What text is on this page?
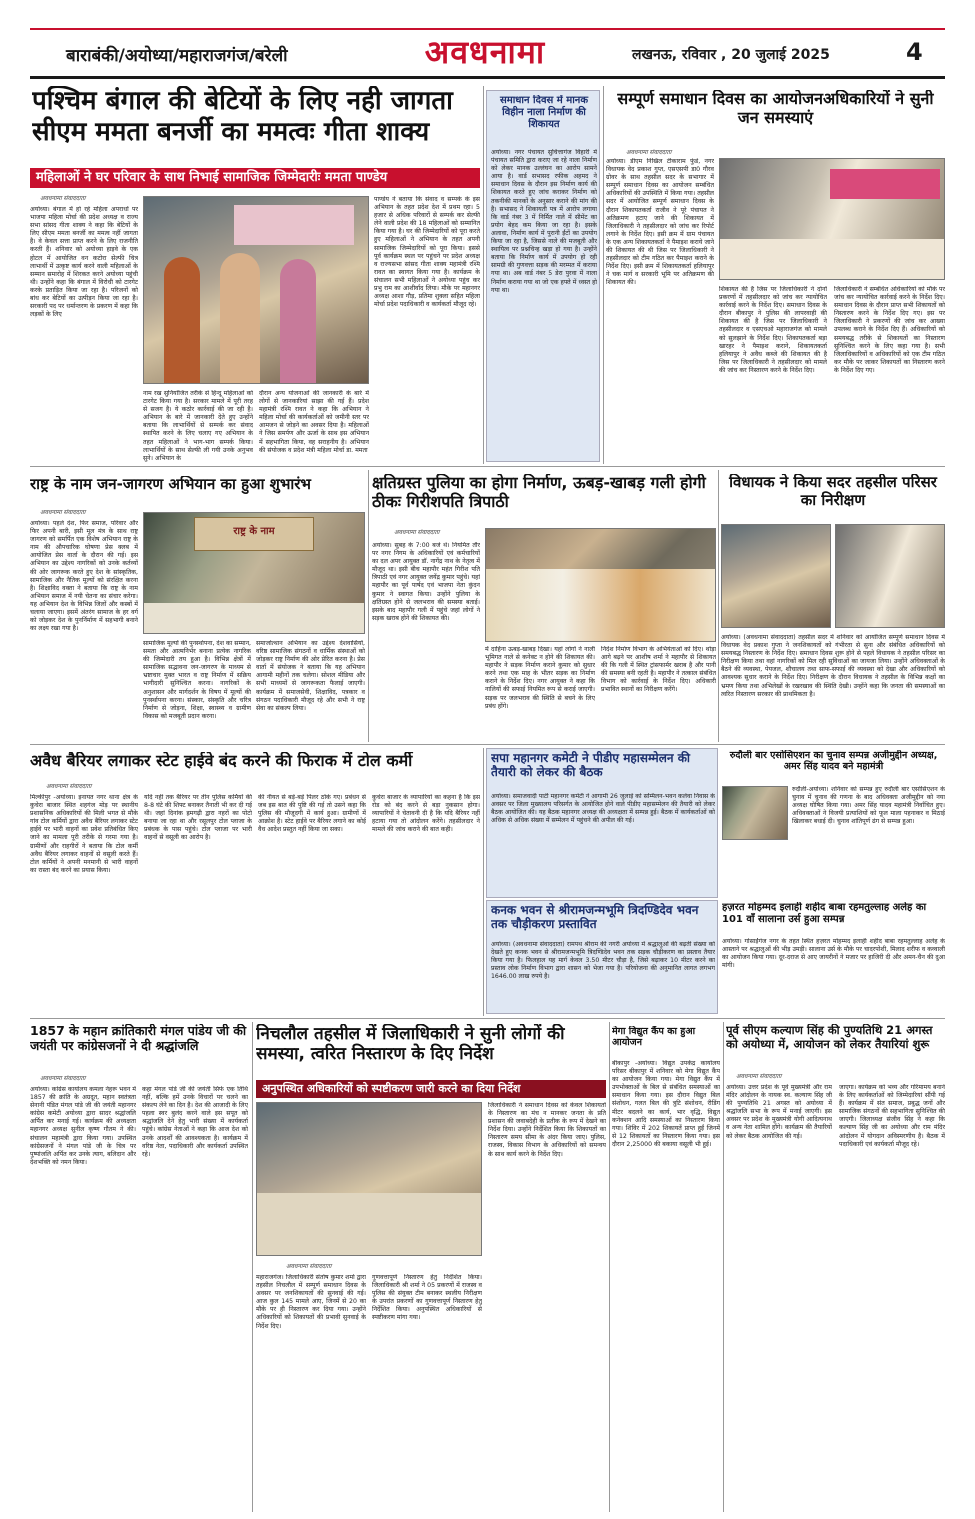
बाराबंकी/अयोध्या/महाराजगंज/बरेली	अवधनामा	लखनऊ, रविवार , 20 जुलाई 2025	4
पश्चिम बंगाल की बेटियों के लिए नही जागता सीएम ममता बनर्जी का ममत्वः गीता शाक्य
महिलाओं ने घर परिवार के साथ निभाई सामाजिक जिम्मेदारीः ममता पाण्डेय
अवधनामा संवाददाता
अयोध्या। बंगाल में हो रहे महिला अपराधों पर भाजपा महिला मोर्चा की प्रदेश अध्यक्ष व राज्य सभा सांसद गीता शाक्य ने कहा कि बेटियों के लिए सीएम ममता बनर्जी का ममत्व नहीं जागता है। वे केवल सत्ता प्राप्त करने के लिए राजनीति करती हैं। शनिवार को अयोध्या हाइवे के एक होटल में आयोजित वन कटोरा सेल्फी चित्र लाभार्थी में उत्कृष्ट कार्य करने वाली महिलाओं के सम्मान समारोह में शिरकत करने अयोध्या पहुंची थी। उन्होंने कहा कि बंगाल में विरोधी को टारगेट करके प्रताड़ित किया जा रहा है। परिजनों को बांध कर बेटियों का उत्पीड़न किया जा रहा है। सरकारी पद पर धर्मान्तरण के प्रकरण में कहा कि लड़कों के लिए
नाम रख सुनियोजित तरीके से हिन्दू महिलाओं को टारगेट किया गया है। सरकार मामले में पूरी तरह से सजग है। ये कठोर कार्रवाई की जा रही है। अभियान के बारे में जानकारी देते हुए उन्होंने बताया कि लाभार्थियों से सम्पर्क कर संवाद स्थापित करने के लिए चलाए गए अभियान के तहत महिलाओं ने भाग-भाग सम्पर्क किया। लाभार्थियों के साथ सेल्फी ली गयी उनके अनुभव सुने। अभियान के
दौरान अन्य योजनाओं की जानकारी के बारे में लोगों से जानकारियां साझा की गई हैं। प्रदेश महामंत्री रश्मि रावत ने कहा कि अभियान ने महिला मोर्चा की कार्यकर्ताओं को जमीनी स्तर पर आमजन से जोड़ने का अवसर दिया है। महिलाओं ने जिस समर्पण और ऊर्जा के साथ इस अभियान में सहभागिता किया, वह सराहनीय है। अभियान की संयोजक व प्रदेश मंत्री महिला मोर्चा डा. ममता
पाण्डेय ने बताया कि संवाद व सम्पर्क के इस अभियान के तहत प्रदेश देश में प्रथम रहा। 5 हजार से अधिक परिवारों से सम्पर्क कर सेल्फी लेने वाली प्रदेश की 18 महिलाओं को सम्मानित किया गया है। घर की जिम्मेदारियों को पूरा करते हुए महिलाओं ने अभियान के तहत अपनी सामाजिक जिम्मेदारियों को पूरा किया। इससे पूर्व कार्यक्रम स्थल पर पहुंचने पर प्रदेश अध्यक्ष व राज्यसभा सांसद गीता शाक्य महामंत्री रश्मि रावत का स्वागत किया गया है। कार्यक्रम के संचालन सभी महिलाओं ने अयोध्या पहुंच कर प्रभु राम का आशीर्वाद लिया। मौके पर महानगर अध्यक्ष आशा गौड़, प्रतिमा शुक्ला सहित महिला मोर्चा प्रदेश पदाधिकारी व कार्यकर्ता मौजूद रहे।
समाधान दिवस में मानक विहीन नाला निर्माण की शिकायत
अयोध्या। नगर पंचायत सुचित्तागंज विहारी में पंचायत समिति द्वारा कराए जा रहे नाला निर्माण को लेकर मानक उल्लंघन का आरोप सामने आया है। वार्ड सभासद रफीक अहमद ने समाधान दिवस के दौरान इस निर्माण कार्य की शिकायत करते हुए जांच कराकर निर्माण को तकनीकी मानकों के अनुसार कराने की मांग की है। सभासद ने शिकायती पत्र में आरोप लगाया कि वार्ड नंबर 3 में निर्मित नाले में सीमेंट का प्रयोग बेहद कम किया जा रहा है। इसके अलावा, निर्माण कार्य में पुरानी ईंटों का उपयोग किया जा रहा है, जिससे नाले की मजबूती और स्थायित्व पर प्रश्नचिन्ह खड़ा हो गया है। उन्होंने बताया कि निर्माण कार्य में उपयोग हो रही सामग्री की गुणवत्ता सड़क की मरम्मत में कराया गया था। अब वार्ड नंबर 5 डेरा पुरवा में नाला निर्माण कराया गया था जो एक हफ्ते में ध्वस्त हो गया था।
सम्पूर्ण समाधान दिवस का आयोजनअधिकारियों ने सुनी जन समस्याएं
अवधनामा संवाददाता
अयोध्या। डीएम निखिल टीकाराम फुंडे, नगर विधायक वेद प्रकाश गुप्त, एसएसपी डा0 गौरव ग्रोवर के साथ तहसील सदर के सभागार में सम्पूर्ण समाधान दिवस का आयोजन सम्बंधित अधिकारियों की उपस्थिति में किया गया। तहसील सदर में आयोजित सम्पूर्ण समाधान दिवस के दौरान शिकायतकर्ता राजीव ने पूरे पंचायत ने अतिक्रमण हटाए जाने की शिकायत में जिलाधिकारी ने तहसीलदार को जांच कर रिपोर्ट लगाने के निर्देश दिए। इसी क्रम में ग्राम पंचायत के एक अन्य शिकायतकर्ता ने पैमाइश कराये जाने की शिकायत की थी जिस पर जिलाधिकारी ने तहसीलदार को टीम गठित कर पैमाइश कराने के निर्देश दिए। इसी क्रम में शिकायतकर्ता हलियापुर ने चक मार्ग व सरकारी भूमि पर अतिक्रमण की शिकायत की।
शिकायत की है जिस पर जिलाधिकारी ने दोनों प्रकरणों में तहसीलदार को जांच कर न्यायोचित कार्रवाई करने के निर्देश दिए। समाधान दिवस के दौरान बीकापुर ने पुलिस की लापरवाही की शिकायत की है जिस पर जिलाधिकारी ने तहसीलदार व एसएचओ महाराजगंज को मामले को सुलझाने के निर्देश दिए। शिकायतकर्ता बड़ा खारहर ने पैमाइश कराने, शिकायतकर्ता हलियापुर ने अवैध कब्जे की शिकायत की है जिस पर जिलाधिकारी ने तहसीलदार को मामले की जांच कर निस्तारण करने के निर्देश दिए।
जिलाधिकारी ने सम्बंधित अधिकारियों को मौके पर जांच कर न्यायोचित कार्रवाई करने के निर्देश दिए। समाधान दिवस के दौरान प्राप्त सभी शिकायतों को निस्तारण करने के निर्देश दिए गए। इस पर जिलाधिकारी ने प्रकरणों की जांच कर आख्या उपलब्ध कराने के निर्देश दिए हैं। अधिकारियों को समयबद्ध तरीके से शिकायतों का निस्तारण सुनिश्चित करने के लिए कहा गया है। सभी जिलाधिकारियों व अधिकारियों को एक टीम गठित कर मौके पर जाकर शिकायतों का निस्तारण करने के निर्देश दिए गए।
राष्ट्र के नाम जन-जागरण अभियान का हुआ शुभारंभ
अवधनामा संवाददाता
अयोध्या। पहले देश, फिर समाज, परिवार और फिर अपनी बारी, इसी मूल मंत्र के साथ राष्ट्र जागरण को समर्पित एक विशेष अभियान राष्ट्र के नाम की औपचारिक घोषणा प्रेस क्लब में आयोजित प्रेस वार्ता के दौरान की गई। इस अभियान का उद्देश्य नागरिकों को उनके कर्तव्यों की ओर जागरूक करते हुए देश के सांस्कृतिक, सामाजिक और नैतिक मूल्यों को संरक्षित करना है। शिक्षाविद वक्ता ने बताया कि राष्ट्र के नाम अभियान समाज में नयी चेतना का संचार करेगा। यह अभियान देश के विभिन्न जिलों और कस्बों में चलाया जाएगा। इसमें अंतरंग सामाज के हर वर्ग को जोड़कर देश के पुनर्निर्माण में सहभागी बनाने का लक्ष्य रखा गया है।
राष्ट्र के नाम
सामाजिक मूल्यों की पुनर्स्थापना, देश का सम्मान, समता और आत्मनिर्भर बनाना प्रत्येक नागरिक की जिम्मेदारी तय हुआ है। विभिन्न क्षेत्रों में सामाजिक सद्भावना जन-जागरण के माध्यम से भ्रष्टाचार मुक्त भारत व राष्ट्र निर्माण में सक्रिय भागीदारी सुनिश्चित करना। नागरिकों के अनुशासन और मार्गदर्शन के विषय में मूल्यों की पुनर्स्थापना करना। संस्कार, संस्कृति और चरित्र निर्माण से जोड़ना, शिक्षा, स्वास्थ्य व ग्रामीण विकास को मजबूती प्रदान करना।
समाजोत्थान अभियान का उद्देश्य देशवासियों, वरिष्ठ सामाजिक संगठनों व धार्मिक संस्थाओं को जोड़कर राष्ट्र निर्माण की ओर प्रेरित करना है। प्रेस वार्ता में संयोजक ने बताया कि यह अभियान आगामी महीनों तक चलेगा। सोशल मीडिया और सभी माध्यमों से जागरूकता फैलाई जाएगी। कार्यक्रम में समाजसेवी, शिक्षाविद, पत्रकार व संगठन पदाधिकारी मौजूद रहे और सभी ने राष्ट्र सेवा का संकल्प लिया।
क्षतिग्रस्त पुलिया का होगा निर्माण, ऊबड़-खाबड़ गली होगी ठीकः गिरीशपति त्रिपाठी
अवधनामा संवाददाता
अयोध्या। सुबह के 7:00 बजे थे। नियमित तौर पर नगर निगम के अधिकारियों एवं कर्मचारियों का दल अपर आयुक्त डॉ. नागेंद्र नाथ के नेतृत्व में मौजूद था। इसी बीच महापौर महंत गिरीश पति त्रिपाठी एवं नगर आयुक्त जयेंद्र कुमार पहुंचे। यहां महापौर का पूर्व पार्षद एवं भाजपा नेता कुंदन कुमार ने स्वागत किया। उन्होंने पुलिया के क्षतिग्रस्त होने से जलभराव की समस्या बताई। इसके बाद महापौर गली में पहुंचे जहां लोगों ने सड़क खराब होने की शिकायत की।
में दाहिना ऊबड़-खाबड़ दिखा। यहां लोगों ने नाली भूमिगत नाले से कनेक्ट न होने की शिकायत की। महापौर ने सड़क निर्माण कराने कुमार को सुधार करने तथा एक माह के भीतर सड़क का निर्माण कराने के निर्देश दिए। नगर आयुक्त ने कहा कि नालियों की सफाई नियमित रूप से कराई जाएगी। सड़क पर जलभराव की स्थिति से बचने के लिए प्रबंध होंगे।
निर्देश निर्माण विभाग के अभियंताओं को दिए। थोड़ा आगे बढ़ने पर आशीष शर्मा ने महापौर से शिकायत की कि गली में स्थित ट्रांसफार्मर खराब है और पानी की समस्या बनी रहती है। महापौर ने तत्काल संबंधित विभाग को कार्रवाई के निर्देश दिए। अधिकारी प्रभावित स्थानों का निरीक्षण करेंगे।
विधायक ने किया सदर तहसील परिसर का निरीक्षण
अयोध्या। (अवधनामा संवाददाता) तहसील सदर में शनिवार को आयोजित सम्पूर्ण समाधान दिवस में विधायक वेद प्रकाश गुप्ता ने जनशिकायतों को गंभीरता से सुना और संबंधित अधिकारियों को समयबद्ध निस्तारण के निर्देश दिए। समाधान दिवस शुरू होने से पहले विधायक ने तहसील परिसर का निरीक्षण किया तथा वहां नागरिकों को मिल रही सुविधाओं का जायजा लिया। उन्होंने अधिवक्ताओं के बैठने की व्यवस्था, पेयजल, शौचालय तथा साफ-सफाई की व्यवस्था को देखा और अधिकारियों को आवश्यक सुधार कराने के निर्देश दिए। निरीक्षण के दौरान विधायक ने तहसील के विभिन्न कक्षों का भ्रमण किया तथा अभिलेखों के रखरखाव की स्थिति देखी। उन्होंने कहा कि जनता की समस्याओं का त्वरित निस्तारण सरकार की प्राथमिकता है।
अवैध बैरियर लगाकर स्टेट हाईवे बंद करने की फिराक में टोल कर्मी
अवधनामा संवाददाता
मिल्कीपुर -अयोध्या। इनायत नगर थाना क्षेत्र के कुचेरा बाजार स्थित शहगंज मोड़ पर स्थानीय प्रशासनिक अधिकारियों की मिली भगत से मौके गांव टोल कर्मियों द्वारा अवैध बैरियर लगाकर स्टेट हाईवे पर भारी वाहनों का प्रवेश प्रतिबंधित किए जाने का मामला पूरी तरीके से गरमा गया है। ग्रामीणों और राहगीरों ने बताया कि टोल कर्मी अवैध बैरियर लगाकर वाहनों से वसूली करते हैं। टोल कर्मियों ने अपनी मनमानी से भारी वाहनों का रास्ता बंद करने का प्रयास किया।
यदि नहीं तक बैरियर पर तीन पुलिस कर्मियों की 8-8 घंटे की शिफ्ट बनाकर तैनाती भी कर दी गई थी। जहां दिनांक ह्रमगढ़ी द्वारा नहरों का पोटो बनाया जा रहा था और रसूलपुर टोल प्लाजा के प्रबंधक के पास पहुंचे। टोल प्लाजा पर भारी वाहनों से वसूली का आरोप है।
की नीयत से बड़े-बड़े पिलर ठोंके गए। प्रबंधन से जब इस बात की पुष्टि की गई तो उसने कहा कि पुलिस की मौजूदगी में कार्य हुआ। ग्रामीणों में आक्रोश है। स्टेट हाईवे पर बैरियर लगाने का कोई वैध आदेश प्रस्तुत नहीं किया जा सका।
कुचेरा बाजार के व्यापारियों का कहना है कि इस रोड को बंद करने से बड़ा नुकसान होगा। व्यापारियों ने चेतावनी दी है कि यदि बैरियर नहीं हटाया गया तो आंदोलन करेंगे। तहसीलदार ने मामले की जांच कराने की बात कही।
सपा महानगर कमेटी ने पीडीए महासम्मेलन की तैयारी को लेकर की बैठक
अयोध्या। समाजवादी पार्टी महानगर कमेटी ने आगामी 26 जुलाई को सम्मिलन-भवन कलेवा निवास के अवसर पर जिला मुख्यालय परिसर्गत के आयोजित होने वाले पीडीए महासम्मेलन की तैयारी को लेकर बैठक आयोजित की। यह बैठक महानगर अध्यक्ष की अध्यक्षता में सम्पन्न हुई। बैठक में कार्यकर्ताओं को अधिक से अधिक संख्या में सम्मेलन में पहुंचने की अपील की गई।
कनक भवन से श्रीरामजन्मभूमि त्रिदण्डिदेव भवन तक चौड़ीकरण प्रस्तावित
अयोध्या। (अवधनामा संवाददाता) रामपथ श्रीराम की नगरी अयोध्या में श्रद्धालुओं की बढ़ती संख्या को देखते हुए कनक भवन से श्रीरामजन्मभूमि त्रिदण्डिदेव भवन तक सड़क चौड़ीकरण का प्रस्ताव तैयार किया गया है। फिलहाल यह मार्ग केवल 3.50 मीटर चौड़ा है, जिसे बढ़ाकर 10 मीटर करने का प्रस्ताव लोक निर्माण विभाग द्वारा शासन को भेजा गया है। परियोजना की अनुमानित लागत लगभग 1646.00 लाख रुपये है।
रुदौली बार एसोसिएशन का चुनाव सम्पन्न अजीमुद्दीन अध्यक्ष, अमर सिंह यादव बने महामंत्री
रुदौली-अयोध्या। शनिवार को सम्पन्न हुए रुदौली बार एसोसिएशन के चुनाव में चुनाव की गणना के बाद अधिवक्ता अजीमुद्दीन को नया अध्यक्ष घोषित किया गया। अमर सिंह यादव महामंत्री निर्वाचित हुए। अधिवक्ताओं ने विजयी प्रत्याशियों को फूल माला पहनाकर व मिठाई खिलाकर बधाई दी। चुनाव शांतिपूर्ण ढंग से सम्पन्न हुआ।
हज़रत मोहम्मद इलाही शहीद बाबा रहमतुल्लाह अलेह का 101 वाँ सालाना उर्स हुआ सम्पन्न
अयोध्या। गोसाईंगंज नगर के तहत स्थित हज़रत मोहम्मद इलाही शहीद बाबा रहमतुल्लाह अलेह के आस्ताने पर श्रद्धालुओं की भीड़ उमड़ी। सालाना उर्स के मौके पर चादरपोशी, मिलाद शरीफ व कव्वाली का आयोजन किया गया। दूर-दराज से आए जायरीनों ने मजार पर हाजिरी दी और अमन-चैन की दुआ मांगी।
1857 के महान क्रांतिकारी मंगल पांडेय जी की जयंती पर कांग्रेसजनों ने दी श्रद्धांजलि
अवधनामा संवाददाता
अयोध्या। कांग्रेस कार्यालय कमला नेहरू भवन में 1857 की क्रांति के अग्रदूत, महान स्वतंत्रता सेनानी पंडित मंगल पांडे जी की जयंती महानगर कांग्रेस कमेटी अयोध्या द्वारा सादर श्रद्धांजलि अर्पित कर मनाई गई। कार्यक्रम की अध्यक्षता महानगर अध्यक्ष सुनील कृष्ण गौतम ने की। संचालन महामंत्री द्वारा किया गया। उपस्थित कांग्रेसजनों ने मंगल पांडे जी के चित्र पर पुष्पांजलि अर्पित कर उनके त्याग, बलिदान और देशभक्ति को नमन किया।
कहा मंगल पांडे जी की जयंती सिर्फ एक तिथि नहीं, बल्कि हमें उनके विचारों पर चलने का संकल्प लेने का दिन है। देश की आजादी के लिए पहला स्वर बुलंद करने वाले इस सपूत को श्रद्धांजलि देने हेतु भारी संख्या में कार्यकर्ता पहुंचे। कांग्रेस नेताओं ने कहा कि आज देश को उनके आदर्शों की आवश्यकता है। कार्यक्रम में वरिष्ठ नेता, पदाधिकारी और कार्यकर्ता उपस्थित रहे।
निचलौल तहसील में जिलाधिकारी ने सुनी लोगों की समस्या, त्वरित निस्तारण के दिए निर्देश
अनुपस्थित अधिकारियों को स्पष्टीकरण जारी करने का दिया निर्देश
अवधनामा संवाददाता
महाराजगंज। जिलाधिकारी संतोष कुमार शर्मा द्वारा तहसील निचलौल में सम्पूर्ण समाधान दिवस के अवसर पर जनशिकायतों की सुनवाई की गई। आज कुल 145 मामले आए, जिनमें से 20 का मौके पर ही निस्तारण कर दिया गया। उन्होंने अधिकारियों को शिकायतों की प्रभावी सुनवाई के निर्देश दिए।
गुणवत्तापूर्ण निस्तारण हेतु निर्देशित किया। जिलाधिकारी श्री शर्मा ने 05 प्रकरणों में राजस्व व पुलिस की संयुक्त टीम बनाकर स्थलीय निरीक्षण के उपरांत प्रकरणों का गुणवत्तापूर्ण निस्तारण हेतु निर्देशित किया। अनुपस्थित अधिकारियों से स्पष्टीकरण मांगा गया।
जिलाधिकारी ने समाधान दिवस को केवल शिकायतों के निस्तारण का मंच न मानकर जनता के प्रति प्रशासन की जवाबदेही के प्रतीक के रूप में देखने का निर्देश दिया। उन्होंने निर्देशित किया कि शिकायतों का निस्तारण समय सीमा के अंदर किया जाए। पुलिस, राजस्व, विकास विभाग के अधिकारियों को समन्वय के साथ कार्य करने के निर्देश दिए।
मेगा विद्युत कैंप का हुआ आयोजन
बीकापुर -अयोध्या। विद्युत उपकेंद्र कार्यालय परिसर बीकापुर में शनिवार को मेगा विद्युत कैंप का आयोजन किया गया। मेगा विद्युत कैंप में उपभोक्ताओं के बिल से संबंधित समस्याओं का समाधान किया गया। इस दौरान विद्युत बिल संशोधन, गलत बिल की त्रुटि संशोधन, रीडिंग मीटर बदलने का कार्य, भार वृद्धि, विद्युत कनेक्शन आदि समस्याओं का निस्तारण किया गया। शिविर में 202 शिकायतें प्राप्त हुईं जिनमें से 12 शिकायतों का निस्तारण किया गया। इस दौरान 2,25000 की बकाया वसूली भी हुई।
पूर्व सीएम कल्याण सिंह की पुण्यतिथि 21 अगस्त को अयोध्या में, आयोजन को लेकर तैयारियां शुरू
अवधनामा संवाददाता
अयोध्या। उत्तर प्रदेश के पूर्व मुख्यमंत्री और राम मंदिर आंदोलन के नायक स्व. कल्याण सिंह जी की पुण्यतिथि 21 अगस्त को अयोध्या में श्रद्धांजलि सभा के रूप में मनाई जाएगी। इस अवसर पर प्रदेश के मुख्यमंत्री योगी आदित्यनाथ व अन्य नेता शामिल होंगे। कार्यक्रम की तैयारियों को लेकर बैठक आयोजित की गई।
जाएगा। कार्यक्रम को भव्य और गरिमामय बनाने के लिए कार्यकर्ताओं को जिम्मेदारियां सौंपी गई हैं। कार्यक्रम में संत समाज, प्रबुद्ध जनों और सामाजिक संगठनों की सहभागिता सुनिश्चित की जाएगी। जिलाध्यक्ष संजीव सिंह ने कहा कि कल्याण सिंह जी का अयोध्या और राम मंदिर आंदोलन में योगदान अविस्मरणीय है। बैठक में पदाधिकारी एवं कार्यकर्ता मौजूद रहे।
